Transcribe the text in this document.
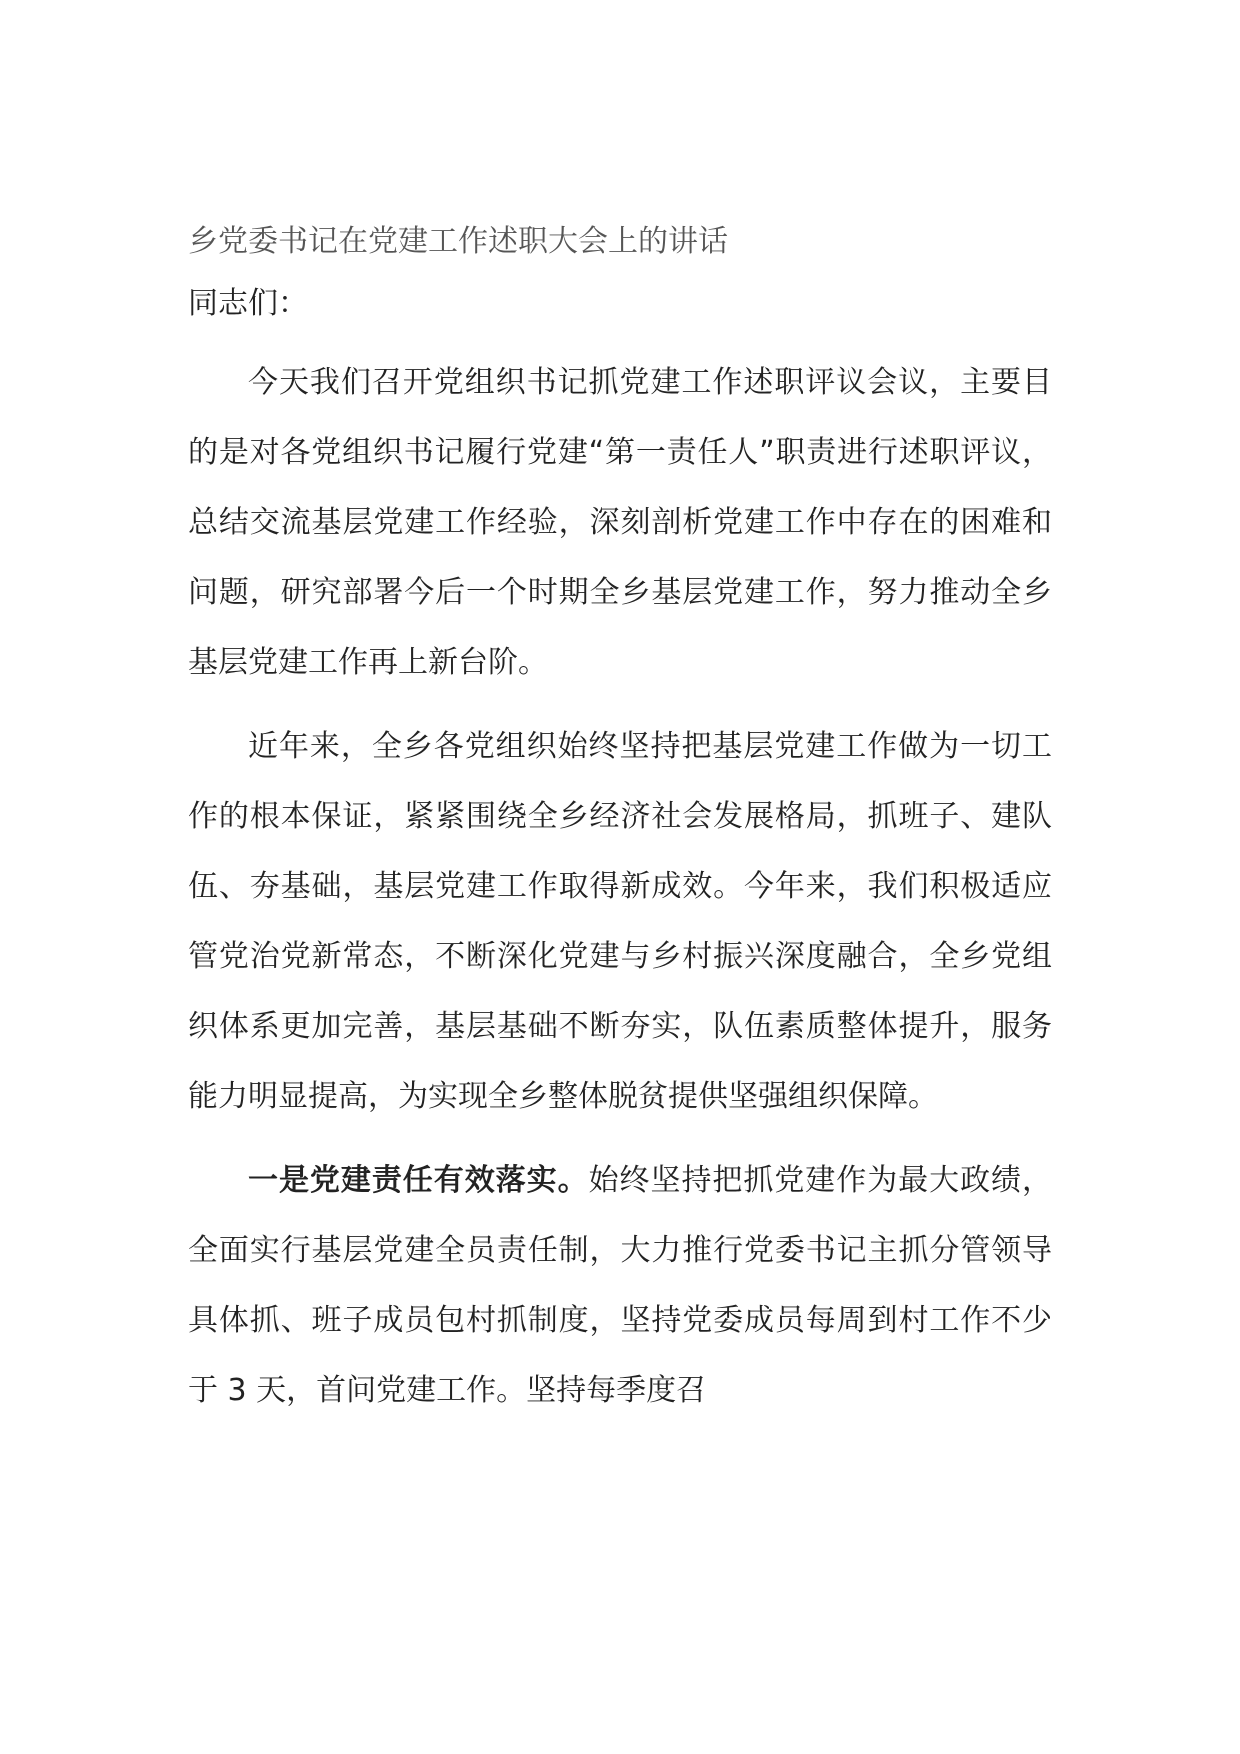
乡党委书记在党建工作述职大会上的讲话
同志们：

今天我们召开党组织书记抓党建工作述职评议会议，主要目的是对各党组织书记履行党建“第一责任人”职责进行述职评议，总结交流基层党建工作经验，深刻剖析党建工作中存在的困难和问题，研究部署今后一个时期全乡基层党建工作，努力推动全乡基层党建工作再上新台阶。

近年来，全乡各党组织始终坚持把基层党建工作做为一切工作的根本保证，紧紧围绕全乡经济社会发展格局，抓班子、建队伍、夯基础，基层党建工作取得新成效。今年来，我们积极适应管党治党新常态，不断深化党建与乡村振兴深度融合，全乡党组织体系更加完善，基层基础不断夯实，队伍素质整体提升，服务能力明显提高，为实现全乡整体脱贫提供坚强组织保障。

一是党建责任有效落实。始终坚持把抓党建作为最大政绩，全面实行基层党建全员责任制，大力推行党委书记主抓分管领导具体抓、班子成员包村抓制度，坚持党委成员每周到村工作不少于 3 天，首问党建工作。坚持每季度召
